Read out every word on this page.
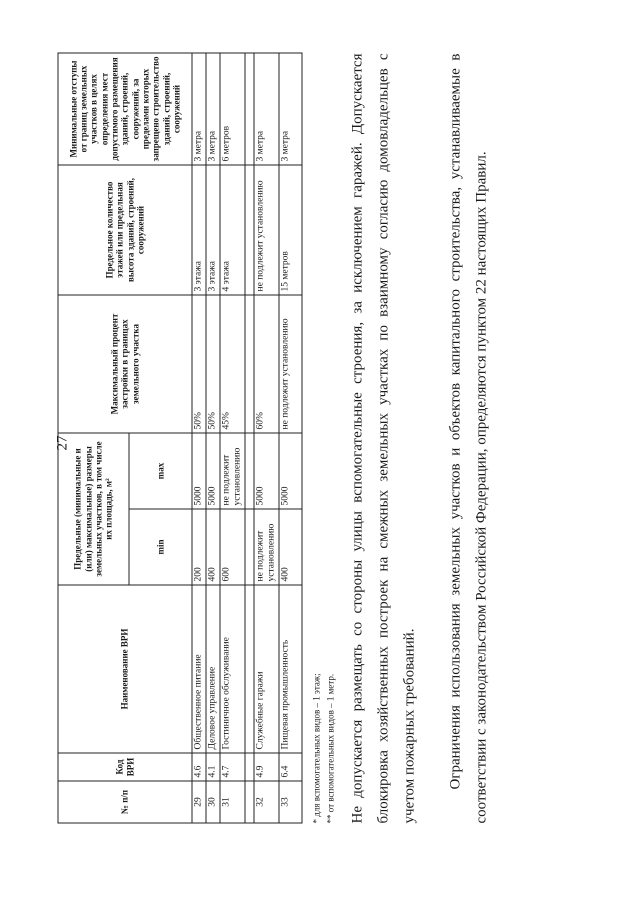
27
№ п/п	Код ВРИ	Наименование ВРИ	Предельные (минимальные и (или) максимальные) размеры земельных участков, в том числе их площадь, м²		Максимальный процент застройки в границах земельного участка	Предельное количество этажей или предельная высота зданий, строений, сооружений	Минимальные отступы от границ земельных участков в целях определения мест допустимого размещения зданий, строений, сооружений, за пределами которых запрещено строительство зданий, строений, сооружений
			min	max			
29	4.6	Общественное питание	200	5000	50%	3 этажа	3 метра
30	4.1	Деловое управление	400	5000	50%	3 этажа	3 метра
31	4.7	Гостиничное обслуживание	600	не подлежит установлению	45%	4 этажа	6 метров

32	4.9	Служебные гаражи	не подлежит установлению	5000	60%	не подлежит установлению	3 метра
33	6.4	Пищевая промышленность	400	5000	не подлежит установлению	15 метров	3 метра
* для вспомогательных видов – 1 этаж; ** от вспомогательных видов – 1 метр. Не допускается размещать со стороны улицы вспомогательные строения, за исключением гаражей. Допускается блокировка хозяйственных построек на смежных земельных участках по взаимному согласию домовладельцев с учетом пожарных требований.	Ограничения использования земельных участков и объектов капитального строительства, устанавливаемые в соответствии с законодательством Российской Федерации, определяются пунктом 22 настоящих Правил.
